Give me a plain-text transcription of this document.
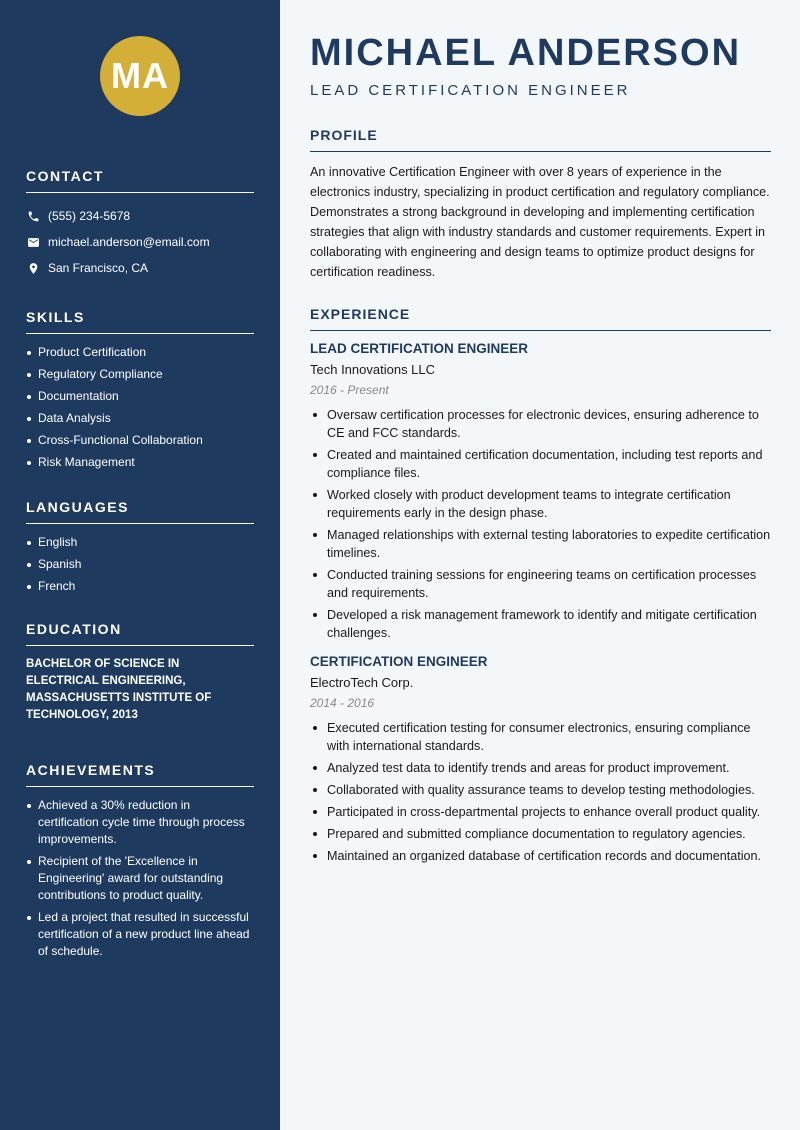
MA
CONTACT
(555) 234-5678
michael.anderson@email.com
San Francisco, CA
SKILLS
Product Certification
Regulatory Compliance
Documentation
Data Analysis
Cross-Functional Collaboration
Risk Management
LANGUAGES
English
Spanish
French
EDUCATION
BACHELOR OF SCIENCE IN ELECTRICAL ENGINEERING, MASSACHUSETTS INSTITUTE OF TECHNOLOGY, 2013
ACHIEVEMENTS
Achieved a 30% reduction in certification cycle time through process improvements.
Recipient of the 'Excellence in Engineering' award for outstanding contributions to product quality.
Led a project that resulted in successful certification of a new product line ahead of schedule.
MICHAEL ANDERSON
LEAD CERTIFICATION ENGINEER
PROFILE

An innovative Certification Engineer with over 8 years of experience in the electronics industry, specializing in product certification and regulatory compliance. Demonstrates a strong background in developing and implementing certification strategies that align with industry standards and customer requirements. Expert in collaborating with engineering and design teams to optimize product designs for certification readiness.

EXPERIENCE
LEAD CERTIFICATION ENGINEER
Tech Innovations LLC
2016 - Present
Oversaw certification processes for electronic devices, ensuring adherence to CE and FCC standards.
Created and maintained certification documentation, including test reports and compliance files.
Worked closely with product development teams to integrate certification requirements early in the design phase.
Managed relationships with external testing laboratories to expedite certification timelines.
Conducted training sessions for engineering teams on certification processes and requirements.
Developed a risk management framework to identify and mitigate certification challenges.
CERTIFICATION ENGINEER
ElectroTech Corp.
2014 - 2016
Executed certification testing for consumer electronics, ensuring compliance with international standards.
Analyzed test data to identify trends and areas for product improvement.
Collaborated with quality assurance teams to develop testing methodologies.
Participated in cross-departmental projects to enhance overall product quality.
Prepared and submitted compliance documentation to regulatory agencies.
Maintained an organized database of certification records and documentation.
